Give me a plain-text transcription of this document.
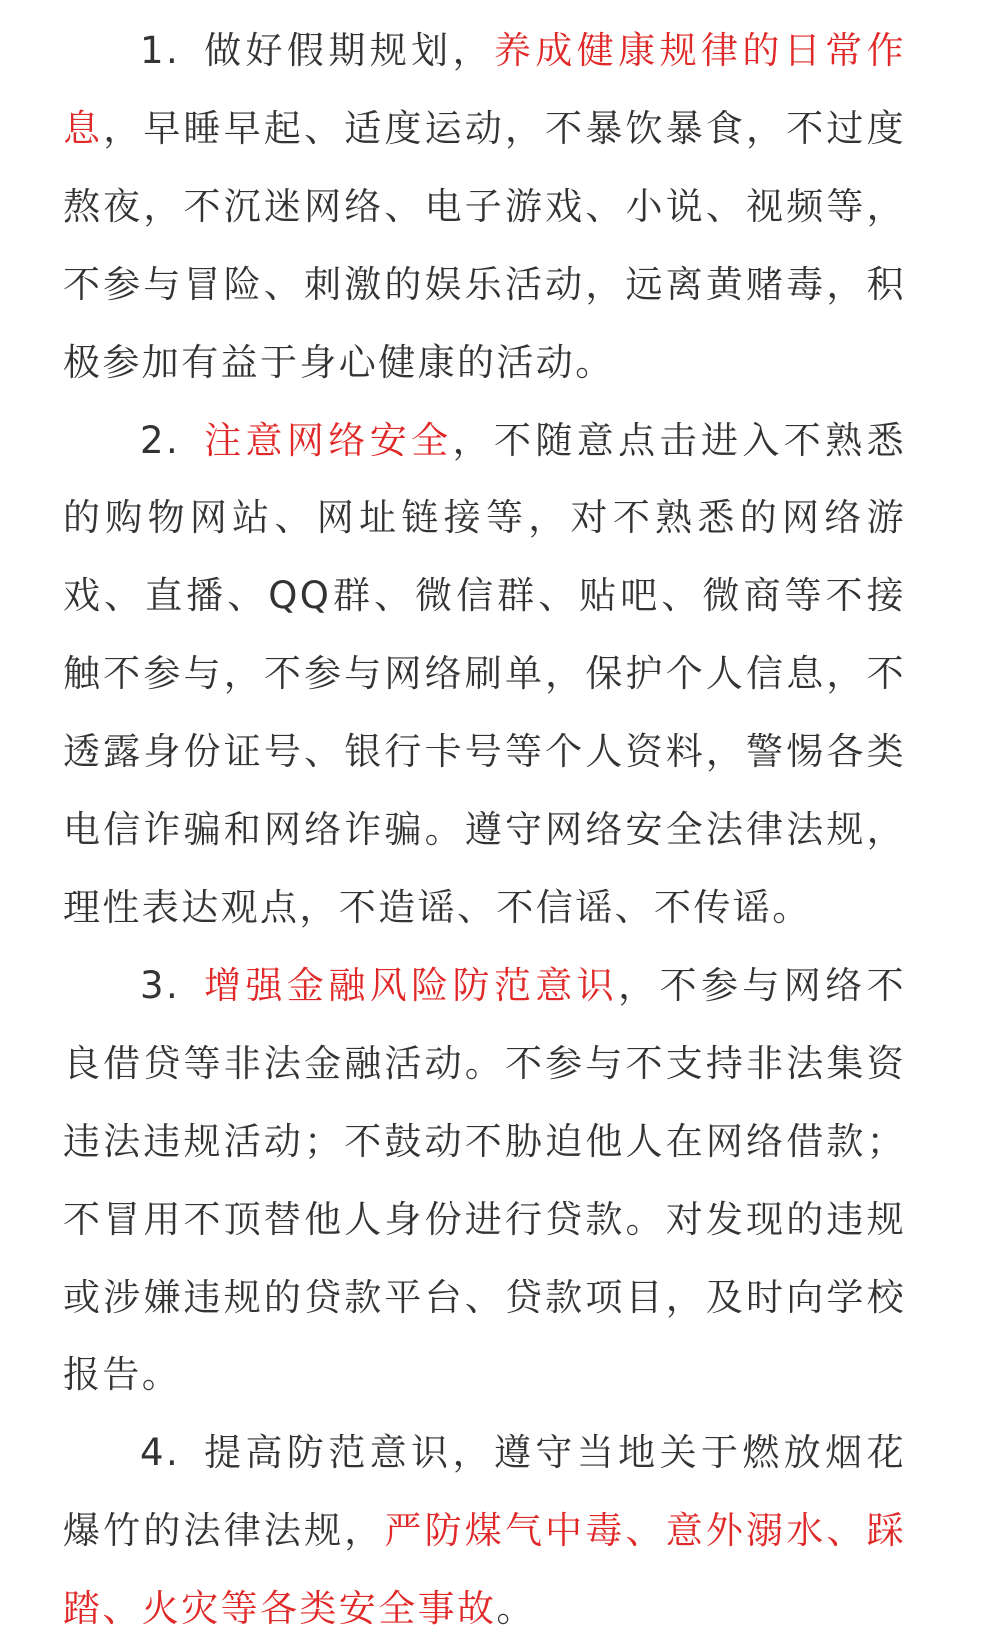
1. 做好假期规划，养成健康规律的日常作息，早睡早起、适度运动，不暴饮暴食，不过度熬夜，不沉迷网络、电子游戏、小说、视频等，不参与冒险、刺激的娱乐活动，远离黄赌毒，积极参加有益于身心健康的活动。

2. 注意网络安全，不随意点击进入不熟悉的购物网站、网址链接等，对不熟悉的网络游戏、直播、QQ群、微信群、贴吧、微商等不接触不参与，不参与网络刷单，保护个人信息，不透露身份证号、银行卡号等个人资料，警惕各类电信诈骗和网络诈骗。遵守网络安全法律法规，理性表达观点，不造谣、不信谣、不传谣。

3. 增强金融风险防范意识，不参与网络不良借贷等非法金融活动。不参与不支持非法集资违法违规活动；不鼓动不胁迫他人在网络借款；不冒用不顶替他人身份进行贷款。对发现的违规或涉嫌违规的贷款平台、贷款项目，及时向学校报告。

4. 提高防范意识，遵守当地关于燃放烟花爆竹的法律法规，严防煤气中毒、意外溺水、踩踏、火灾等各类安全事故。
